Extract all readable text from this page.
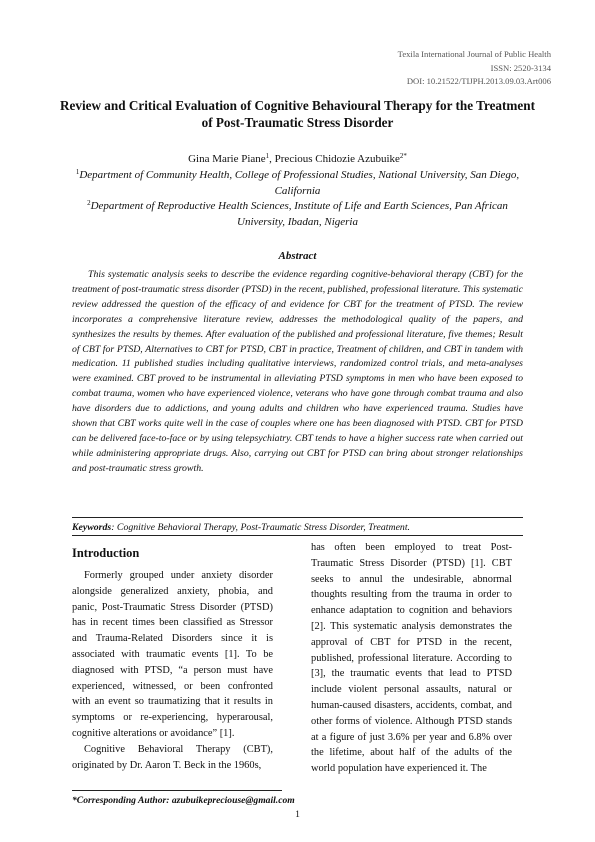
Texila International Journal of Public Health
ISSN: 2520-3134
DOI: 10.21522/TIJPH.2013.09.03.Art006
Review and Critical Evaluation of Cognitive Behavioural Therapy for the Treatment of Post-Traumatic Stress Disorder
Gina Marie Piane$^1$, Precious Chidozie Azubuike$^{2*}$
$^1$Department of Community Health, College of Professional Studies, National University, San Diego, California
$^2$Department of Reproductive Health Sciences, Institute of Life and Earth Sciences, Pan African University, Ibadan, Nigeria
Abstract

This systematic analysis seeks to describe the evidence regarding cognitive-behavioral therapy (CBT) for the treatment of post-traumatic stress disorder (PTSD) in the recent, published, professional literature. This systematic review addressed the question of the efficacy of and evidence for CBT for the treatment of PTSD. The review incorporates a comprehensive literature review, addresses the methodological quality of the papers, and synthesizes the results by themes. After evaluation of the published and professional literature, five themes; Result of CBT for PTSD, Alternatives to CBT for PTSD, CBT in practice, Treatment of children, and CBT in tandem with medication. 11 published studies including qualitative interviews, randomized control trials, and meta-analyses were examined. CBT proved to be instrumental in alleviating PTSD symptoms in men who have been exposed to combat trauma, women who have experienced violence, veterans who have gone through combat trauma and also have disorders due to addictions, and young adults and children who have experienced trauma. Studies have shown that CBT works quite well in the case of couples where one has been diagnosed with PTSD. CBT for PTSD can be delivered face-to-face or by using telepsychiatry. CBT tends to have a higher success rate when carried out while administering appropriate drugs. Also, carrying out CBT for PTSD can bring about stronger relationships and post-traumatic stress growth.

Keywords: Cognitive Behavioral Therapy, Post-Traumatic Stress Disorder, Treatment.
Introduction

Formerly grouped under anxiety disorder alongside generalized anxiety, phobia, and panic, Post-Traumatic Stress Disorder (PTSD) has in recent times been classified as Stressor and Trauma-Related Disorders since it is associated with traumatic events [1]. To be diagnosed with PTSD, “a person must have experienced, witnessed, or been confronted with an event so traumatizing that it results in symptoms or re-experiencing, hyperarousal, cognitive alterations or avoidance” [1].

Cognitive Behavioral Therapy (CBT), originated by Dr. Aaron T. Beck in the 1960s,

has often been employed to treat Post-Traumatic Stress Disorder (PTSD) [1]. CBT seeks to annul the undesirable, abnormal thoughts resulting from the trauma in order to enhance adaptation to cognition and behaviors [2]. This systematic analysis demonstrates the approval of CBT for PTSD in the recent, published, professional literature. According to [3], the traumatic events that lead to PTSD include violent personal assaults, natural or human-caused disasters, accidents, combat, and other forms of violence. Although PTSD stands at a figure of just 3.6% per year and 6.8% over the lifetime, about half of the adults of the world population have experienced it. The

*Corresponding Author: azubuikepreciouse@gmail.com
1
